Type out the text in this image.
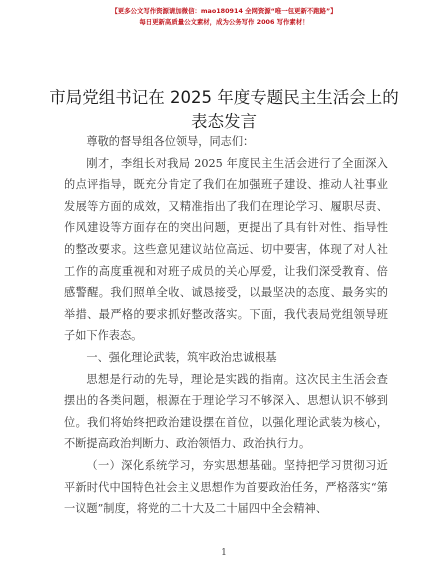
【更多公文写作资源请加微信：mao180914 全网资源“唯一包更新不跑路”】
每日更新高质量公文素材，成为公务写作 2006 写作素材！
市局党组书记在 2025 年度专题民主生活会上的
表态发言

尊敬的督导组各位领导，同志们：

刚才，李组长对我局 2025 年度民主生活会进行了全面深入的点评指导，既充分肯定了我们在加强班子建设、推动人社事业发展等方面的成效，又精准指出了我们在理论学习、履职尽责、作风建设等方面存在的突出问题，更提出了具有针对性、指导性的整改要求。这些意见建议站位高远、切中要害，体现了对人社工作的高度重视和对班子成员的关心厚爱，让我们深受教育、倍感警醒。我们照单全收、诚恳接受，以最坚决的态度、最务实的举措、最严格的要求抓好整改落实。下面，我代表局党组领导班子如下作表态。

一、强化理论武装，筑牢政治忠诚根基

思想是行动的先导，理论是实践的指南。这次民主生活会查摆出的各类问题，根源在于理论学习不够深入、思想认识不够到位。我们将始终把政治建设摆在首位，以强化理论武装为核心，不断提高政治判断力、政治领悟力、政治执行力。

（一）深化系统学习，夯实思想基础。坚持把学习贯彻习近平新时代中国特色社会主义思想作为首要政治任务，严格落实“第一议题”制度，将党的二十大及二十届四中全会精神、

1
